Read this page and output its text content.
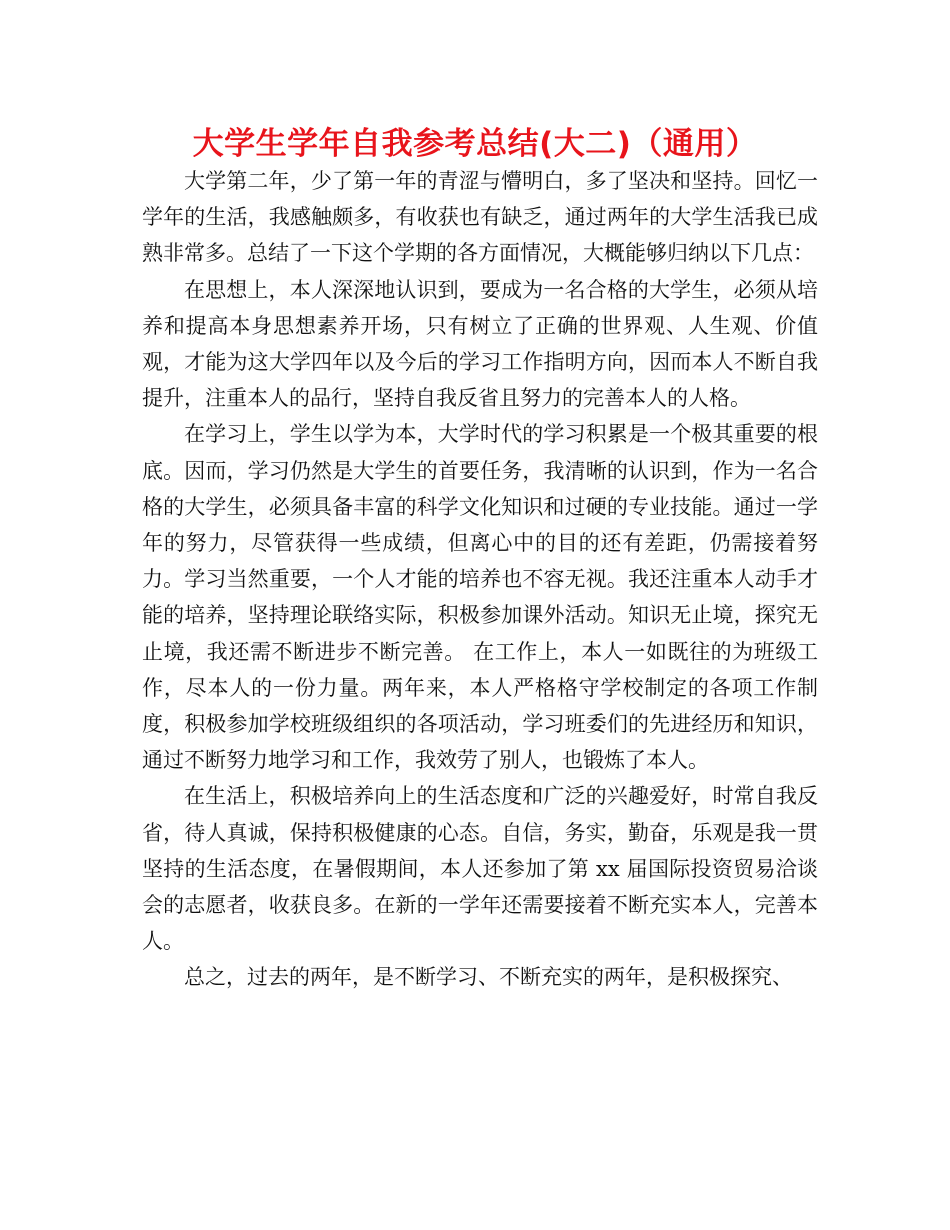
大学生学年自我参考总结(大二)（通用）

大学第二年，少了第一年的青涩与懵明白，多了坚决和坚持。回忆一学年的生活，我感触颇多，有收获也有缺乏，通过两年的大学生活我已成熟非常多。总结了一下这个学期的各方面情况，大概能够归纳以下几点：

在思想上，本人深深地认识到，要成为一名合格的大学生，必须从培养和提高本身思想素养开场，只有树立了正确的世界观、人生观、价值观，才能为这大学四年以及今后的学习工作指明方向，因而本人不断自我提升，注重本人的品行，坚持自我反省且努力的完善本人的人格。

在学习上，学生以学为本，大学时代的学习积累是一个极其重要的根底。因而，学习仍然是大学生的首要任务，我清晰的认识到，作为一名合格的大学生，必须具备丰富的科学文化知识和过硬的专业技能。通过一学年的努力，尽管获得一些成绩，但离心中的目的还有差距，仍需接着努力。学习当然重要，一个人才能的培养也不容无视。我还注重本人动手才能的培养，坚持理论联络实际，积极参加课外活动。知识无止境，探究无止境，我还需不断进步不断完善。 在工作上，本人一如既往的为班级工作，尽本人的一份力量。两年来，本人严格格守学校制定的各项工作制度，积极参加学校班级组织的各项活动，学习班委们的先进经历和知识，通过不断努力地学习和工作，我效劳了别人，也锻炼了本人。

在生活上，积极培养向上的生活态度和广泛的兴趣爱好，时常自我反省，待人真诚，保持积极健康的心态。自信，务实，勤奋，乐观是我一贯坚持的生活态度，在暑假期间，本人还参加了第 xx 届国际投资贸易洽谈会的志愿者，收获良多。在新的一学年还需要接着不断充实本人，完善本人。

总之，过去的两年，是不断学习、不断充实的两年，是积极探究、
